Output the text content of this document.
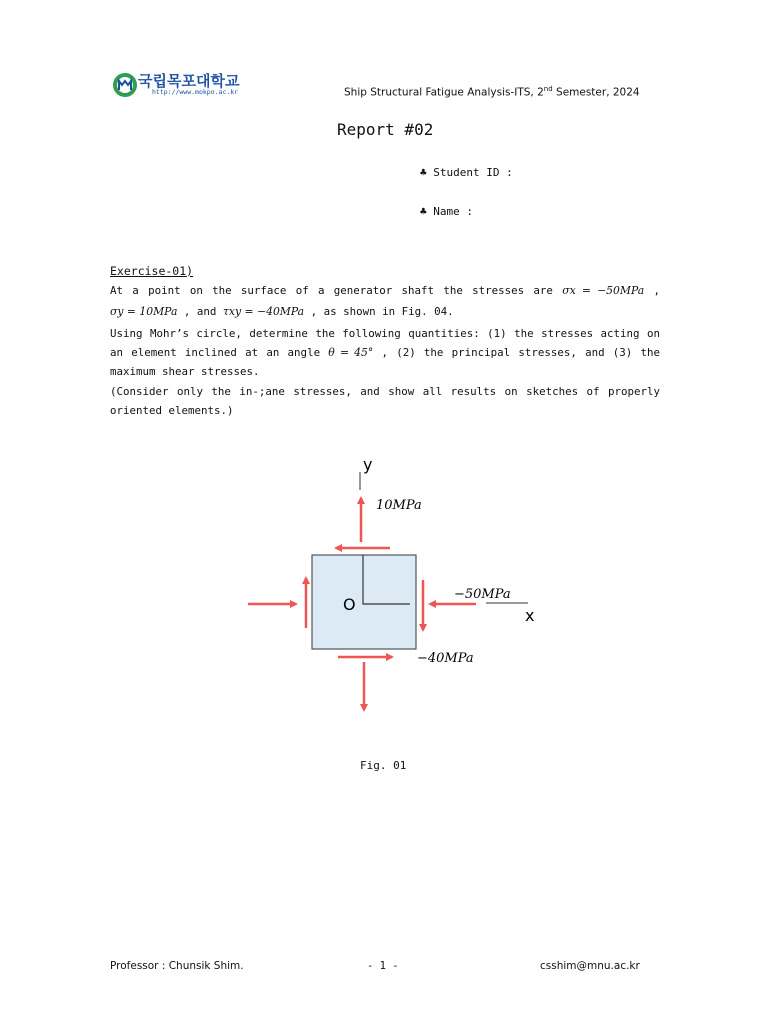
국립목포대학교
http://www.mokpo.ac.kr	Ship Structural Fatigue Analysis-ITS, 2nd Semester, 2024
Report #02
♣ Student ID :
♣ Name :
Exercise-01)
At a point on the surface of a generator shaft the stresses are σx = −50MPa ,
σy = 10MPa , and τxy = −40MPa , as shown in Fig. 04.
Using Mohr’s circle, determine the following quantities: (1) the stresses acting on
an element inclined at an angle θ = 45° , (2) the principal stresses, and (3) the
maximum shear stresses.
(Consider only the in-;ane stresses, and show all results on sketches of properly
oriented elements.)
y
x
O
10MPa
−50MPa
−40MPa
Fig. 01
Professor : Chunsik Shim.	- 1 -	csshim@mnu.ac.kr
